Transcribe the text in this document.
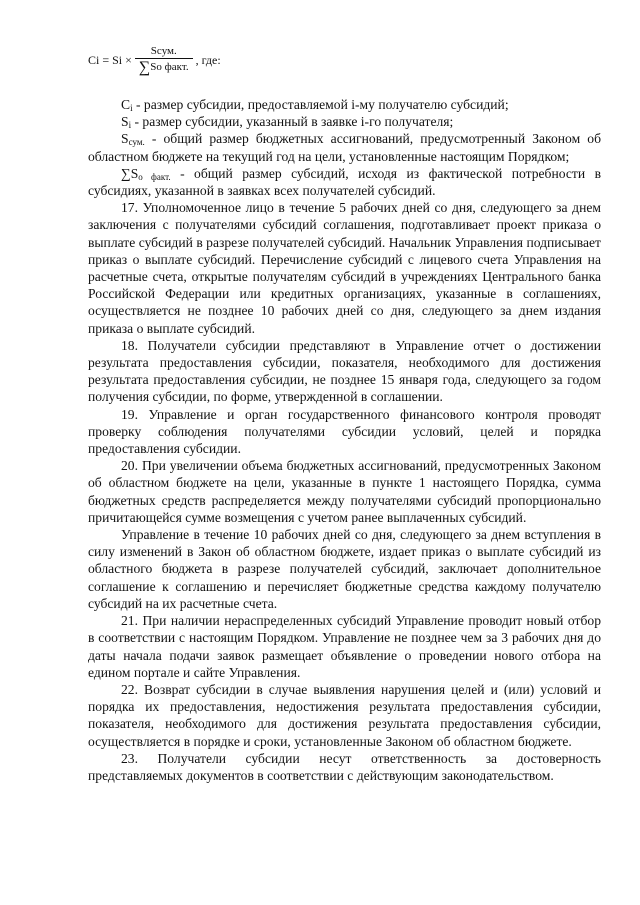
$Ci = Si \times \frac{\text{Scум.}}{\text{∑So факт.}}$ , где:

$C_i$ - размер субсидии, предоставляемой i-му получателю субсидий;

$S_i$ - размер субсидии, указанный в заявке i-го получателя;

$S_{сум.}$ - общий размер бюджетных ассигнований, предусмотренный Законом об областном бюджете на текущий год на цели, установленные настоящим Порядком;

$\sum S_{о факт.}$ - общий размер субсидий, исходя из фактической потребности в субсидиях, указанной в заявках всех получателей субсидий.

17. Уполномоченное лицо в течение 5 рабочих дней со дня, следующего за днем заключения с получателями субсидий соглашения, подготавливает проект приказа о выплате субсидий в разрезе получателей субсидий. Начальник Управления подписывает приказ о выплате субсидий. Перечисление субсидий с лицевого счета Управления на расчетные счета, открытые получателям субсидий в учреждениях Центрального банка Российской Федерации или кредитных организациях, указанные в соглашениях, осуществляется не позднее 10 рабочих дней со дня, следующего за днем издания приказа о выплате субсидий.

18. Получатели субсидии представляют в Управление отчет о достижении результата предоставления субсидии, показателя, необходимого для достижения результата предоставления субсидии, не позднее 15 января года, следующего за годом получения субсидии, по форме, утвержденной в соглашении.

19. Управление и орган государственного финансового контроля проводят проверку соблюдения получателями субсидии условий, целей и порядка предоставления субсидии.

20. При увеличении объема бюджетных ассигнований, предусмотренных Законом об областном бюджете на цели, указанные в пункте 1 настоящего Порядка, сумма бюджетных средств распределяется между получателями субсидий пропорционально причитающейся сумме возмещения с учетом ранее выплаченных субсидий.

Управление в течение 10 рабочих дней со дня, следующего за днем вступления в силу изменений в Закон об областном бюджете, издает приказ о выплате субсидий из областного бюджета в разрезе получателей субсидий, заключает дополнительное соглашение к соглашению и перечисляет бюджетные средства каждому получателю субсидий на их расчетные счета.

21. При наличии нераспределенных субсидий Управление проводит новый отбор в соответствии с настоящим Порядком. Управление не позднее чем за 3 рабочих дня до даты начала подачи заявок размещает объявление о проведении нового отбора на едином портале и сайте Управления.

22. Возврат субсидии в случае выявления нарушения целей и (или) условий и порядка их предоставления, недостижения результата предоставления субсидии, показателя, необходимого для достижения результата предоставления субсидии, осуществляется в порядке и сроки, установленные Законом об областном бюджете.

23. Получатели субсидии несут ответственность за достоверность представляемых документов в соответствии с действующим законодательством.
